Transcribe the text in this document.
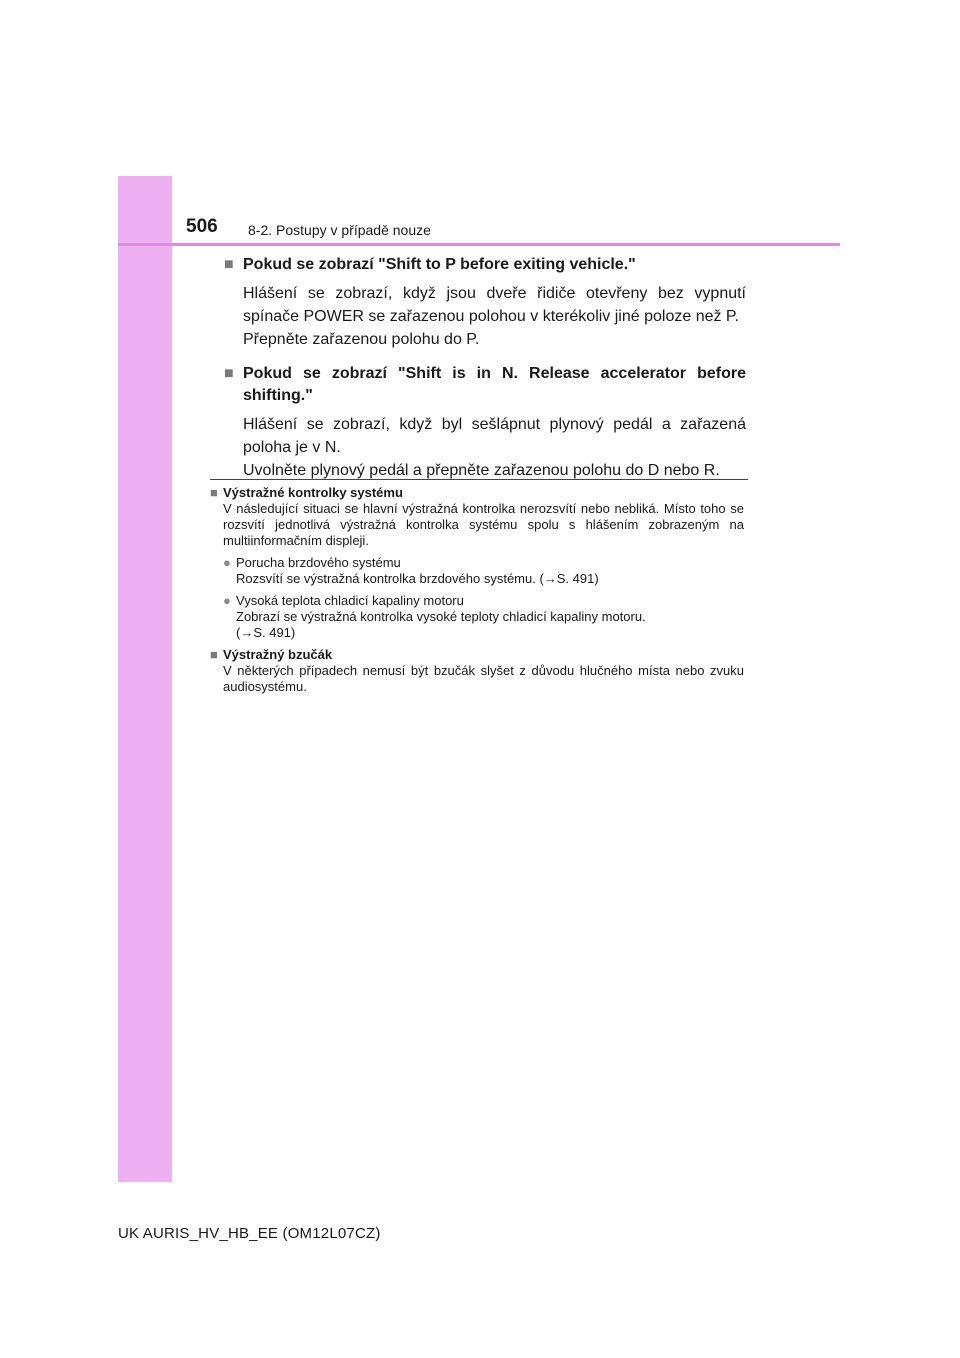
506 8-2. Postupy v případě nouze

■ Pokud se zobrazí "Shift to P before exiting vehicle."

Hlášení se zobrazí, když jsou dveře řidiče otevřeny bez vypnutí spínače POWER se zařazenou polohou v kterékoliv jiné poloze než P.
Přepněte zařazenou polohu do P.

■ Pokud se zobrazí "Shift is in N. Release accelerator before shifting."

Hlášení se zobrazí, když byl sešlápnut plynový pedál a zařazená poloha je v N.
Uvolněte plynový pedál a přepněte zařazenou polohu do D nebo R.
■ Výstražné kontrolky systému
V následující situaci se hlavní výstražná kontrolka nerozsvítí nebo nebliká. Místo toho se rozsvítí jednotlivá výstražná kontrolka systému spolu s hlášením zobrazeným na multiinformačním displeji.
● Porucha brzdového systému
Rozsvítí se výstražná kontrolka brzdového systému. (→S. 491)
● Vysoká teplota chladicí kapaliny motoru
Zobrazí se výstražná kontrolka vysoké teploty chladicí kapaliny motoru.
(→S. 491)
■ Výstražný bzučák
V některých případech nemusí být bzučák slyšet z důvodu hlučného místa nebo zvuku audiosystému.
UK AURIS_HV_HB_EE (OM12L07CZ)
